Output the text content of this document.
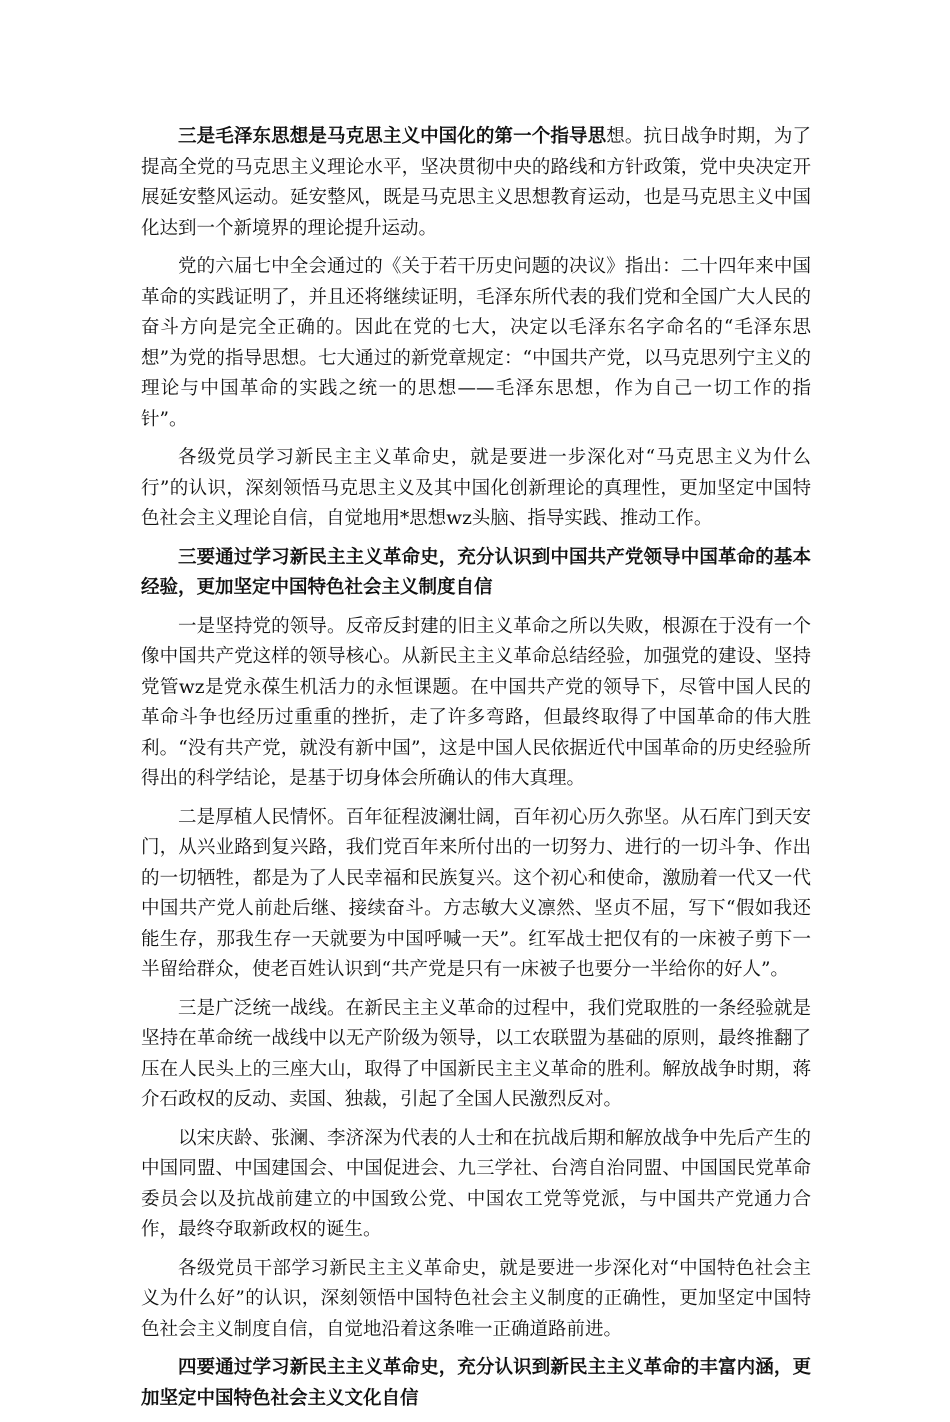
三是毛泽东思想是马克思主义中国化的第一个指导思想。抗日战争时期，为了提高全党的马克思主义理论水平，坚决贯彻中央的路线和方针政策，党中央决定开展延安整风运动。延安整风，既是马克思主义思想教育运动，也是马克思主义中国化达到一个新境界的理论提升运动。

党的六届七中全会通过的《关于若干历史问题的决议》指出：二十四年来中国革命的实践证明了，并且还将继续证明，毛泽东所代表的我们党和全国广大人民的奋斗方向是完全正确的。因此在党的七大，决定以毛泽东名字命名的“毛泽东思想”为党的指导思想。七大通过的新党章规定：“中国共产党，以马克思列宁主义的理论与中国革命的实践之统一的思想——毛泽东思想，作为自己一切工作的指针”。

各级党员学习新民主主义革命史，就是要进一步深化对“马克思主义为什么行”的认识，深刻领悟马克思主义及其中国化创新理论的真理性，更加坚定中国特色社会主义理论自信，自觉地用*思想wz头脑、指导实践、推动工作。

三要通过学习新民主主义革命史，充分认识到中国共产党领导中国革命的基本经验，更加坚定中国特色社会主义制度自信

一是坚持党的领导。反帝反封建的旧主义革命之所以失败，根源在于没有一个像中国共产党这样的领导核心。从新民主主义革命总结经验，加强党的建设、坚持党管wz是党永葆生机活力的永恒课题。在中国共产党的领导下，尽管中国人民的革命斗争也经历过重重的挫折，走了许多弯路，但最终取得了中国革命的伟大胜利。“没有共产党，就没有新中国”，这是中国人民依据近代中国革命的历史经验所得出的科学结论，是基于切身体会所确认的伟大真理。

二是厚植人民情怀。百年征程波澜壮阔，百年初心历久弥坚。从石库门到天安门，从兴业路到复兴路，我们党百年来所付出的一切努力、进行的一切斗争、作出的一切牺牲，都是为了人民幸福和民族复兴。这个初心和使命，激励着一代又一代中国共产党人前赴后继、接续奋斗。方志敏大义凛然、坚贞不屈，写下“假如我还能生存，那我生存一天就要为中国呼喊一天”。红军战士把仅有的一床被子剪下一半留给群众，使老百姓认识到“共产党是只有一床被子也要分一半给你的好人”。

三是广泛统一战线。在新民主主义革命的过程中，我们党取胜的一条经验就是坚持在革命统一战线中以无产阶级为领导，以工农联盟为基础的原则，最终推翻了压在人民头上的三座大山，取得了中国新民主主义革命的胜利。解放战争时期，蒋介石政权的反动、卖国、独裁，引起了全国人民激烈反对。

以宋庆龄、张澜、李济深为代表的人士和在抗战后期和解放战争中先后产生的中国同盟、中国建国会、中国促进会、九三学社、台湾自治同盟、中国国民党革命委员会以及抗战前建立的中国致公党、中国农工党等党派，与中国共产党通力合作，最终夺取新政权的诞生。

各级党员干部学习新民主主义革命史，就是要进一步深化对“中国特色社会主义为什么好”的认识，深刻领悟中国特色社会主义制度的正确性，更加坚定中国特色社会主义制度自信，自觉地沿着这条唯一正确道路前进。

四要通过学习新民主主义革命史，充分认识到新民主主义革命的丰富内涵，更加坚定中国特色社会主义文化自信
